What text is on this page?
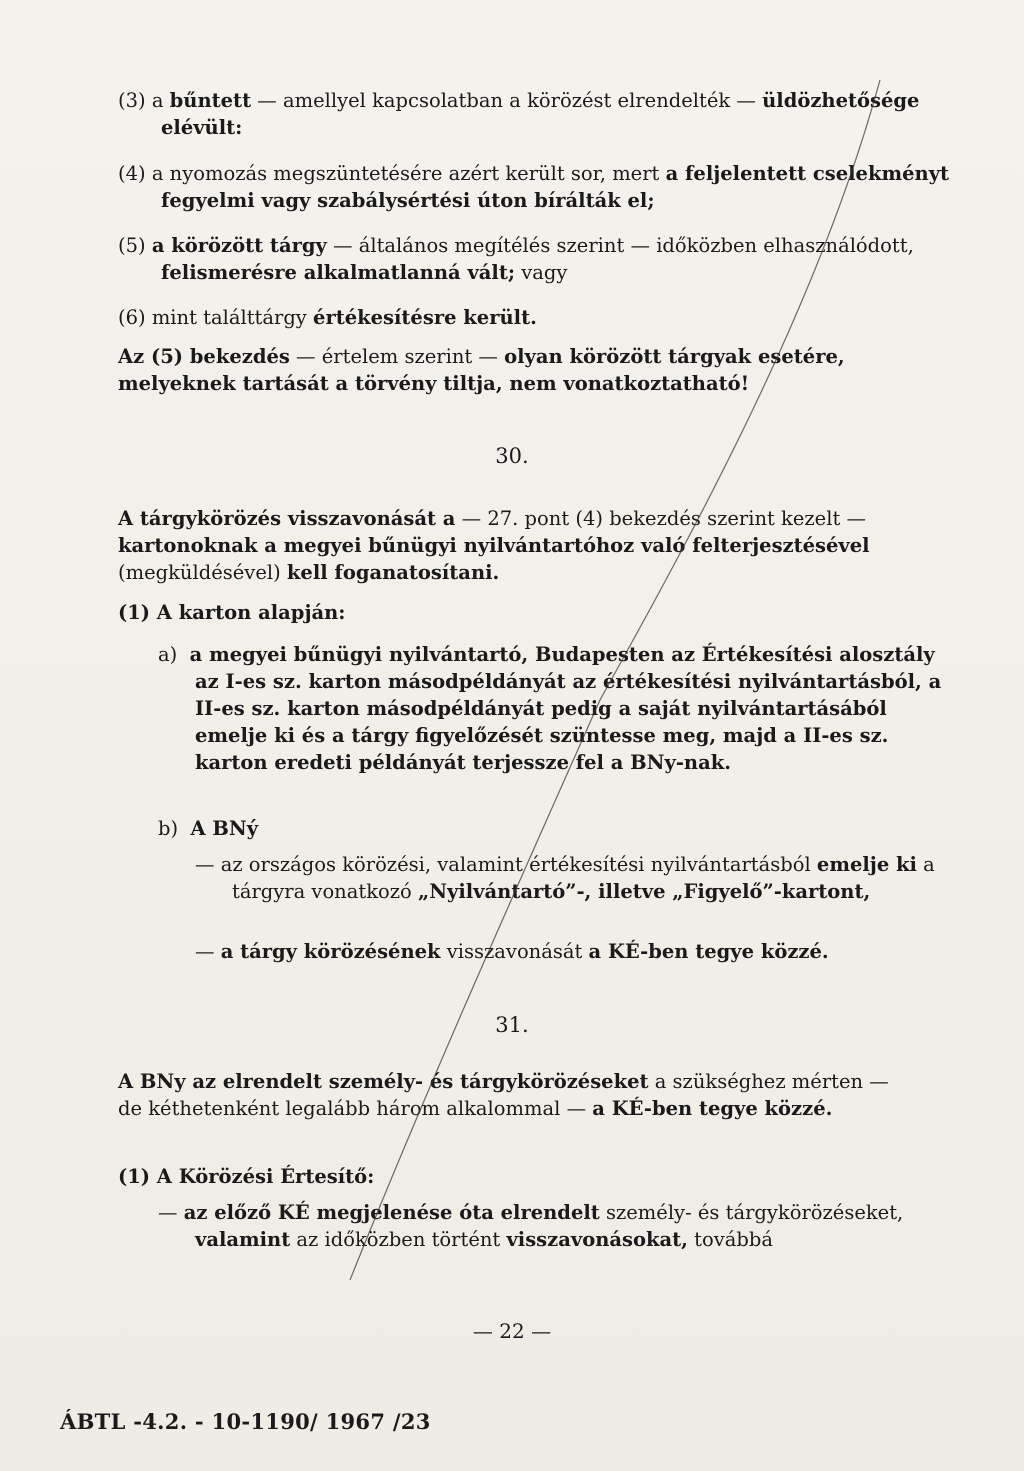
(3) a bűntett — amellyel kapcsolatban a körözést elrendelték — üldözhetősége elévült:

(4) a nyomozás megszüntetésére azért került sor, mert a feljelentett cselekményt fegyelmi vagy szabálysértési úton bírálták el;

(5) a körözött tárgy — általános megítélés szerint — időközben elhasználódott, felismerésre alkalmatlanná vált; vagy

(6) mint találttárgy értékesítésre került.

Az (5) bekezdés — értelem szerint — olyan körözött tárgyak esetére, melyeknek tartását a törvény tiltja, nem vonatkoztatható!

30.

A tárgykörözés visszavonását a — 27. pont (4) bekezdés szerint kezelt — kartonoknak a megyei bűnügyi nyilvántartóhoz való felterjesztésével (megküldésével) kell foganatosítani.

(1) A karton alapján:

a) a megyei bűnügyi nyilvántartó, Budapesten az Értékesítési alosztály az I-es sz. karton másodpéldányát az értékesítési nyilvántartásból, a II-es sz. karton másodpéldányát pedig a saját nyilvántartásából emelje ki és a tárgy figyelőzését szüntesse meg, majd a II-es sz. karton eredeti példányát terjessze fel a BNy-nak.

b) A BNý

— az országos körözési, valamint értékesítési nyilvántartásból emelje ki a tárgyra vonatkozó „Nyilvántartó”-, illetve „Figyelő”-kartont,

— a tárgy körözésének visszavonását a KÉ-ben tegye közzé.

31.

A BNy az elrendelt személy- és tárgykörözéseket a szükséghez mérten — de kéthetenként legalább három alkalommal — a KÉ-ben tegye közzé.

(1) A Körözési Értesítő:

— az előző KÉ megjelenése óta elrendelt személy- és tárgykörözéseket, valamint az időközben történt visszavonásokat, továbbá

— 22 —
ÁBTL -4.2. - 10-1190/ 1967 /23
